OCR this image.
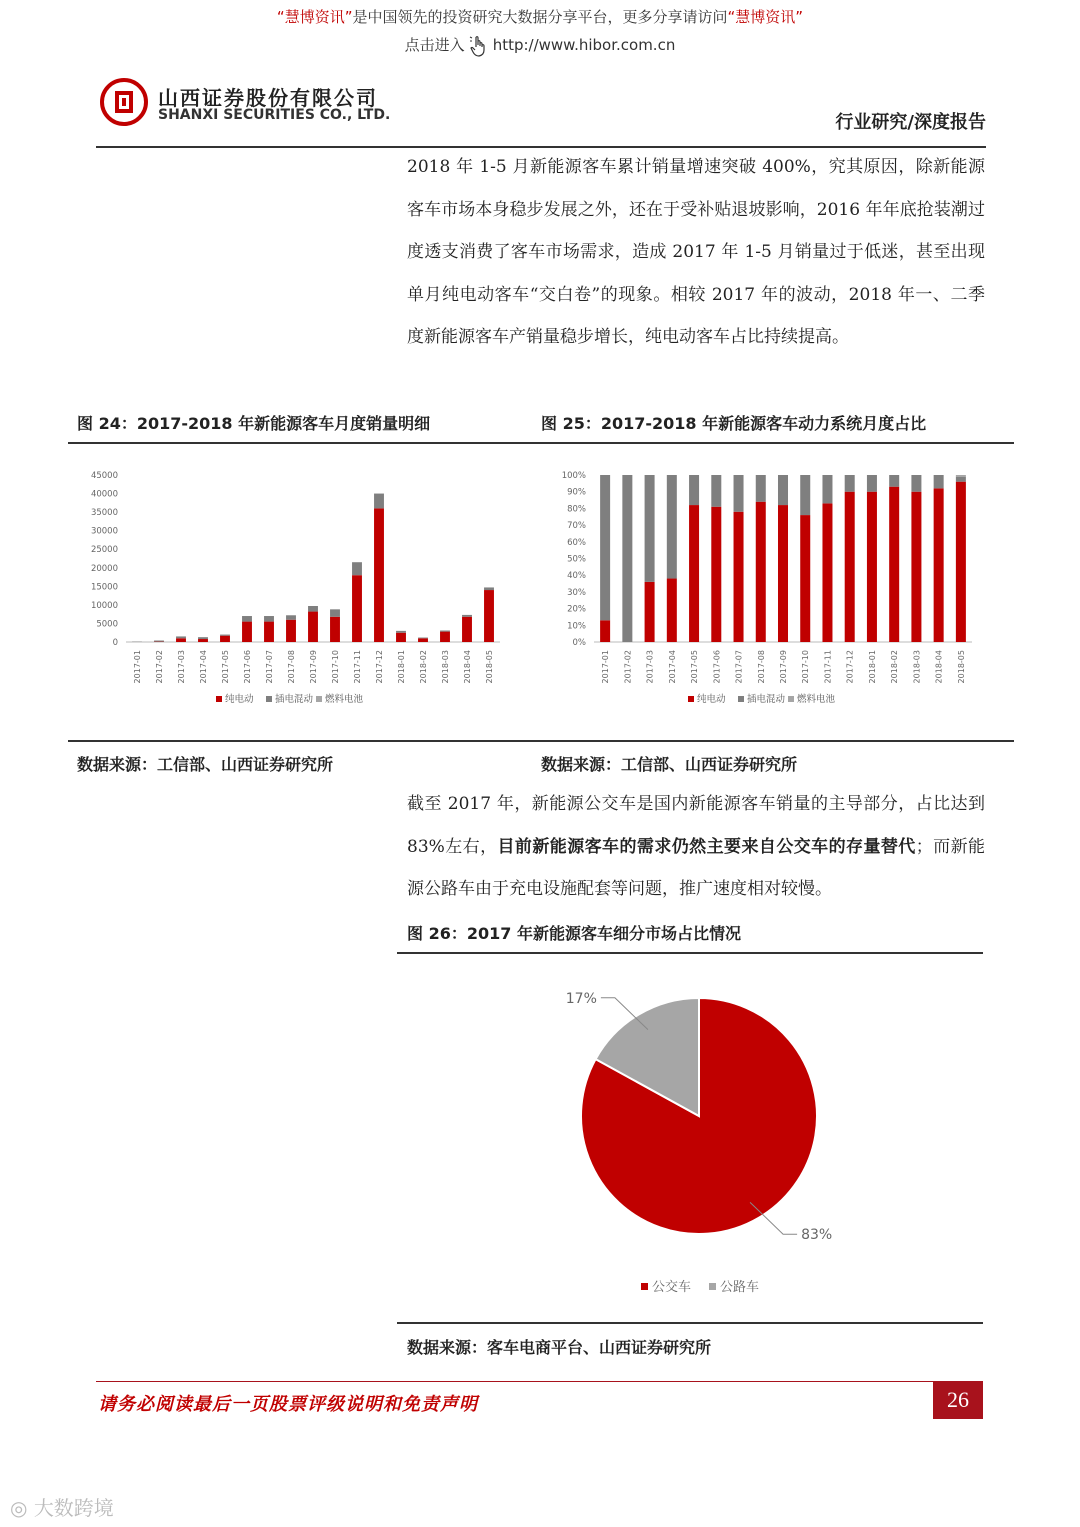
“慧博资讯”是中国领先的投资研究大数据分享平台，更多分享请访问“慧博资讯”
点击进入 http://www.hibor.com.cn
山西证券股份有限公司
SHANXI SECURITIES CO., LTD.	行业研究/深度报告
2018 年 1-5 月新能源客车累计销量增速突破 400%，究其原因，除新能源客车市场本身稳步发展之外，还在于受补贴退坡影响，2016 年年底抢装潮过度透支消费了客车市场需求，造成 2017 年 1-5 月销量过于低迷，甚至出现单月纯电动客车“交白卷”的现象。相较 2017 年的波动，2018 年一、二季度新能源客车产销量稳步增长，纯电动客车占比持续提高。
图 24：2017-2018 年新能源客车月度销量明细	图 25：2017-2018 年新能源客车动力系统月度占比
0
5000
10000
15000
20000
25000
30000
35000
40000
45000
2017-01 2017-02 2017-03 2017-04 2017-05 2017-06 2017-07 2017-08 2017-09 2017-10 2017-11 2017-12 2018-01 2018-02 2018-03 2018-04 2018-05
纯电动 插电混动 燃料电池
0%
10%
20%
30%
40%
50%
60%
70%
80%
90%
100%
2017-01 2017-02 2017-03 2017-04 2017-05 2017-06 2017-07 2017-08 2017-09 2017-10 2017-11 2017-12 2018-01 2018-02 2018-03 2018-04 2018-05
纯电动 插电混动 燃料电池
数据来源：工信部、山西证券研究所	数据来源：工信部、山西证券研究所
截至 2017 年，新能源公交车是国内新能源客车销量的主导部分，占比达到 83%左右，目前新能源客车的需求仍然主要来自公交车的存量替代；而新能源公路车由于充电设施配套等问题，推广速度相对较慢。
图 26：2017 年新能源客车细分市场占比情况
83%
17%
公交车 公路车
数据来源：客车电商平台、山西证券研究所
请务必阅读最后一页股票评级说明和免责声明	26
◎ 大数跨境
